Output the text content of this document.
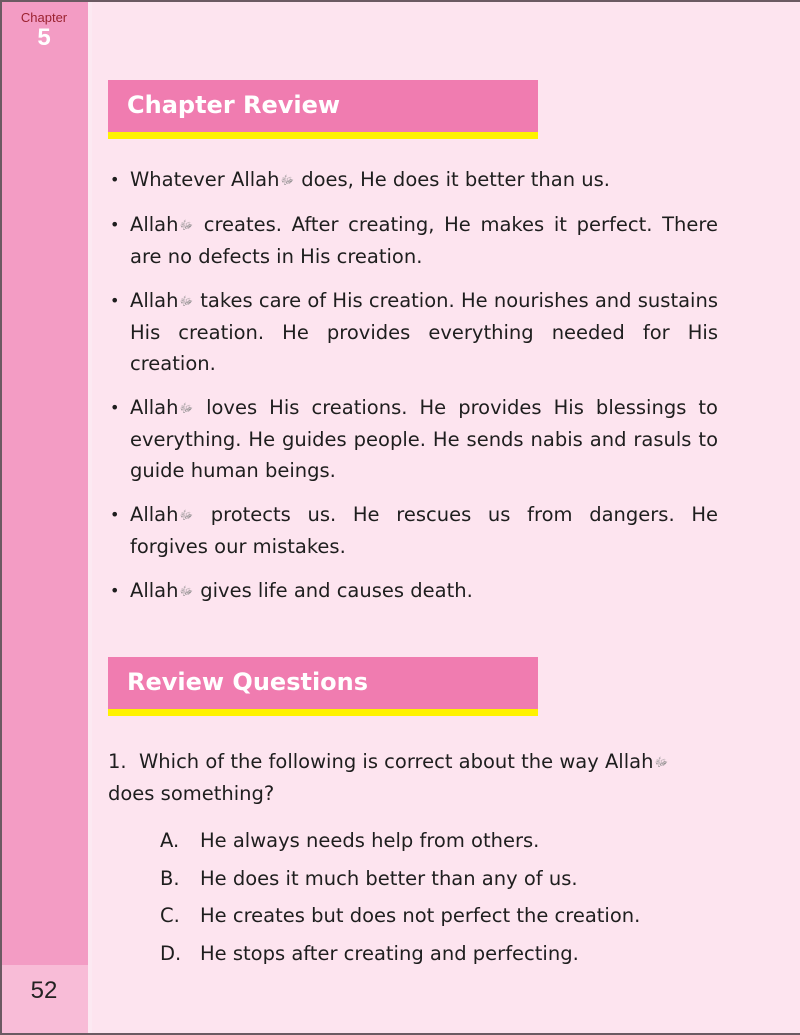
Chapter
5
52
Chapter Review
• Whatever Allahﷻ does, He does it better than us.
• Allahﷻ creates. After creating, He makes it perfect. There are no defects in His creation.
• Allahﷻ takes care of His creation. He nourishes and sustains His creation. He provides everything needed for His creation.
• Allahﷻ loves His creations. He provides His blessings to everything. He guides people. He sends nabis and rasuls to guide human beings.
• Allahﷻ protects us. He rescues us from dangers. He forgives our mistakes.
• Allahﷻ gives life and causes death.
Review Questions
1. Which of the following is correct about the way Allahﷻ
does something?
A. He always needs help from others.
B. He does it much better than any of us.
C. He creates but does not perfect the creation.
D. He stops after creating and perfecting.
